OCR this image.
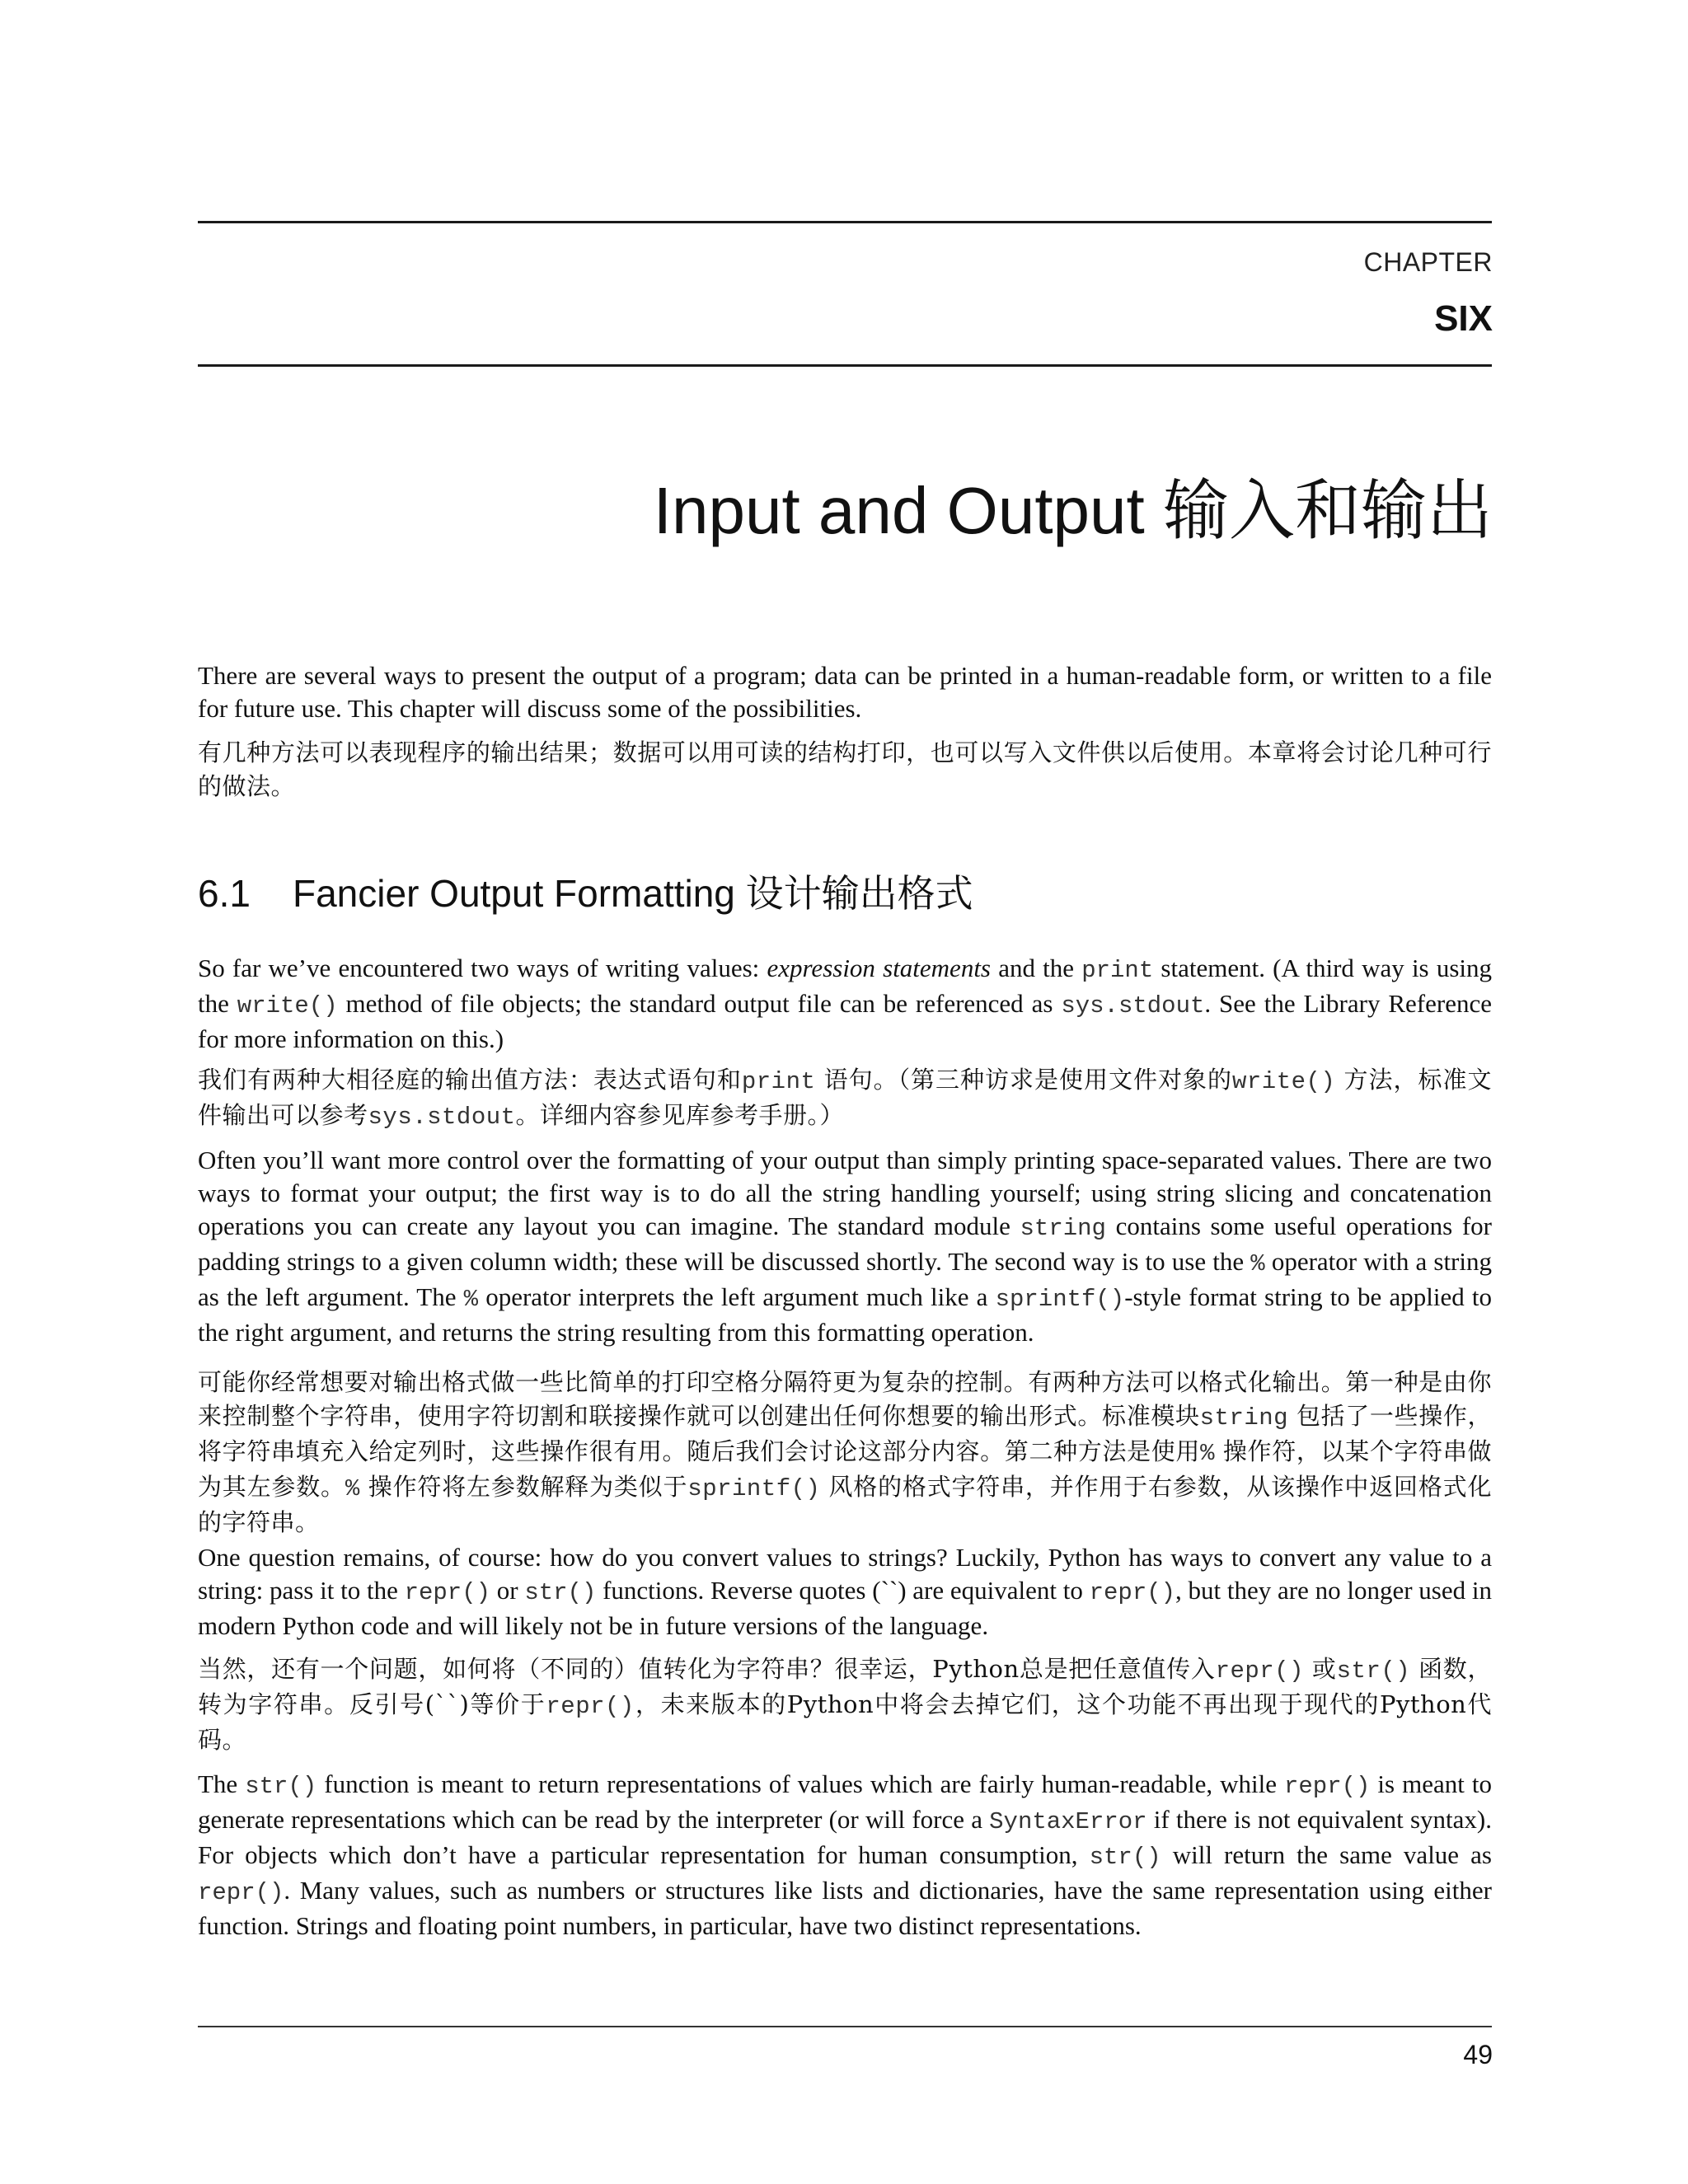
CHAPTER
SIX
Input and Output 输入和输出

There are several ways to present the output of a program; data can be printed in a human-readable form, or written to a file for future use. This chapter will discuss some of the possibilities.

有几种方法可以表现程序的输出结果；数据可以用可读的结构打印，也可以写入文件供以后使用。本章将会讨论几种可行的做法。

6.1 Fancier Output Formatting 设计输出格式

So far we’ve encountered two ways of writing values: expression statements and the print statement. (A third way is using the write() method of file objects; the standard output file can be referenced as sys.stdout. See the Library Reference for more information on this.)

我们有两种大相径庭的输出值方法：表达式语句和print 语句。（第三种访求是使用文件对象的write() 方法，标准文件输出可以参考sys.stdout。详细内容参见库参考手册。）

Often you’ll want more control over the formatting of your output than simply printing space-separated values. There are two ways to format your output; the first way is to do all the string handling yourself; using string slicing and concatenation operations you can create any layout you can imagine. The standard module string contains some useful operations for padding strings to a given column width; these will be discussed shortly. The second way is to use the % operator with a string as the left argument. The % operator interprets the left argument much like a sprintf()-style format string to be applied to the right argument, and returns the string resulting from this formatting operation.

可能你经常想要对输出格式做一些比简单的打印空格分隔符更为复杂的控制。有两种方法可以格式化输出。第一种是由你来控制整个字符串，使用字符切割和联接操作就可以创建出任何你想要的输出形式。标准模块string 包括了一些操作，将字符串填充入给定列时，这些操作很有用。随后我们会讨论这部分内容。第二种方法是使用% 操作符，以某个字符串做为其左参数。% 操作符将左参数解释为类似于sprintf() 风格的格式字符串，并作用于右参数，从该操作中返回格式化的字符串。

One question remains, of course: how do you convert values to strings? Luckily, Python has ways to convert any value to a string: pass it to the repr() or str() functions. Reverse quotes (``) are equivalent to repr(), but they are no longer used in modern Python code and will likely not be in future versions of the language.

当然，还有一个问题，如何将（不同的）值转化为字符串？很幸运，Python总是把任意值传入repr() 或str() 函数，转为字符串。反引号(``)等价于repr()，未来版本的Python中将会去掉它们，这个功能不再出现于现代的Python代码。

The str() function is meant to return representations of values which are fairly human-readable, while repr() is meant to generate representations which can be read by the interpreter (or will force a SyntaxError if there is not equivalent syntax). For objects which don’t have a particular representation for human consumption, str() will return the same value as repr(). Many values, such as numbers or structures like lists and dictionaries, have the same representation using either function. Strings and floating point numbers, in particular, have two distinct representations.

49
